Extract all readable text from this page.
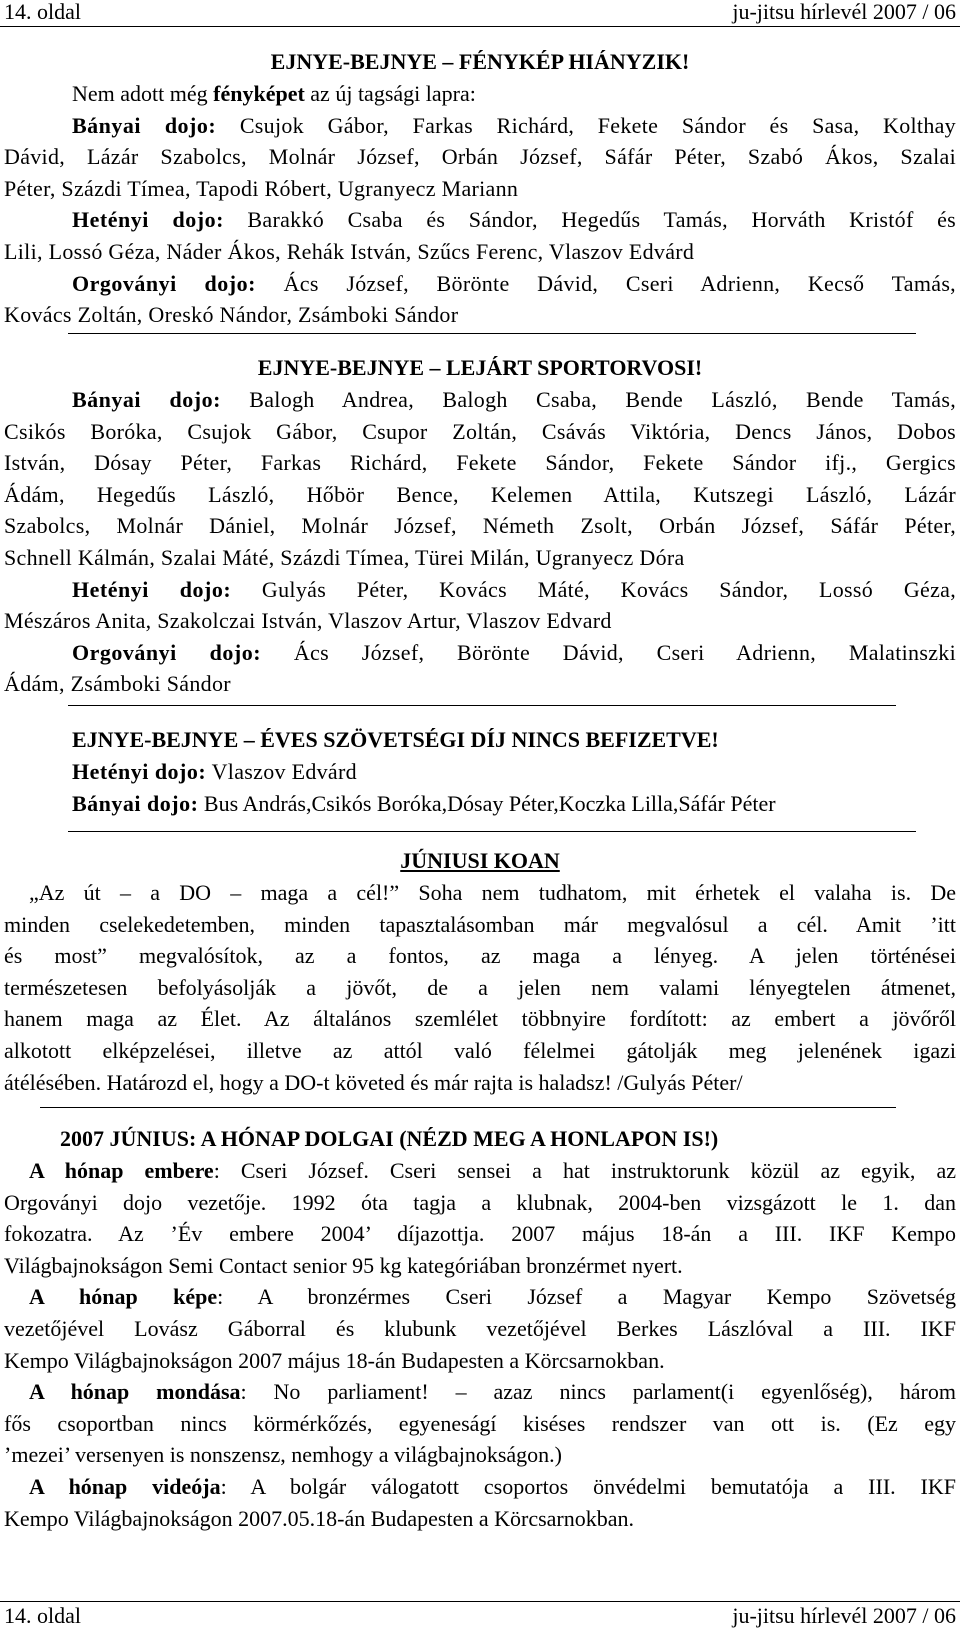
14. oldal	ju-jitsu hírlevél 2007 / 06
EJNYE-BEJNYE – FÉNYKÉP HIÁNYZIK!
Nem adott még fényképet az új tagsági lapra:
Bányai dojo: Csujok Gábor, Farkas Richárd, Fekete Sándor és Sasa, Kolthay
Dávid, Lázár Szabolcs, Molnár József, Orbán József, Sáfár Péter, Szabó Ákos, Szalai
Péter, Százdi Tímea, Tapodi Róbert, Ugranyecz Mariann
Hetényi dojo: Barakkó Csaba és Sándor, Hegedűs Tamás, Horváth Kristóf és
Lili, Lossó Géza, Náder Ákos, Rehák István, Szűcs Ferenc, Vlaszov Edvárd
Orgoványi dojo: Ács József, Börönte Dávid, Cseri Adrienn, Kecső Tamás,
Kovács Zoltán, Oreskó Nándor, Zsámboki Sándor
EJNYE-BEJNYE – LEJÁRT SPORTORVOSI!
Bányai dojo: Balogh Andrea, Balogh Csaba, Bende László, Bende Tamás,
Csikós Boróka, Csujok Gábor, Csupor Zoltán, Csávás Viktória, Dencs János, Dobos
István, Dósay Péter, Farkas Richárd, Fekete Sándor, Fekete Sándor ifj., Gergics
Ádám, Hegedűs László, Hőbör Bence, Kelemen Attila, Kutszegi László, Lázár
Szabolcs, Molnár Dániel, Molnár József, Németh Zsolt, Orbán József, Sáfár Péter,
Schnell Kálmán, Szalai Máté, Százdi Tímea, Türei Milán, Ugranyecz Dóra
Hetényi dojo: Gulyás Péter, Kovács Máté, Kovács Sándor, Lossó Géza,
Mészáros Anita, Szakolczai István, Vlaszov Artur, Vlaszov Edvard
Orgoványi dojo: Ács József, Börönte Dávid, Cseri Adrienn, Malatinszki
Ádám, Zsámboki Sándor
EJNYE-BEJNYE – ÉVES SZÖVETSÉGI DÍJ NINCS BEFIZETVE!
Hetényi dojo: Vlaszov Edvárd
Bányai dojo: Bus András,Csikós Boróka,Dósay Péter,Koczka Lilla,Sáfár Péter
JÚNIUSI KOAN
„Az út – a DO – maga a cél!” Soha nem tudhatom, mit érhetek el valaha is. De
minden cselekedetemben, minden tapasztalásomban már megvalósul a cél. Amit ’itt
és most” megvalósítok, az a fontos, az maga a lényeg. A jelen történései
természetesen befolyásolják a jövőt, de a jelen nem valami lényegtelen átmenet,
hanem maga az Élet. Az általános szemlélet többnyire fordított: az embert a jövőről
alkotott elképzelései, illetve az attól való félelmei gátolják meg jelenének igazi
átélésében. Határozd el, hogy a DO-t követed és már rajta is haladsz! /Gulyás Péter/
2007 JÚNIUS: A HÓNAP DOLGAI (NÉZD MEG A HONLAPON IS!)
A hónap embere: Cseri József. Cseri sensei a hat instruktorunk közül az egyik, az
Orgoványi dojo vezetője. 1992 óta tagja a klubnak, 2004-ben vizsgázott le 1. dan
fokozatra. Az ’Év embere 2004’ díjazottja. 2007 május 18-án a III. IKF Kempo
Világbajnokságon Semi Contact senior 95 kg kategóriában bronzérmet nyert.
A hónap képe: A bronzérmes Cseri József a Magyar Kempo Szövetség
vezetőjével Lovász Gáborral és klubunk vezetőjével Berkes Lászlóval a III. IKF
Kempo Világbajnokságon 2007 május 18-án Budapesten a Körcsarnokban.
A hónap mondása: No parliament! – azaz nincs parlament(i egyenlőség), három
fős csoportban nincs körmérkőzés, egyeneságí kiséses rendszer van ott is. (Ez egy
’mezei’ versenyen is nonszensz, nemhogy a világbajnokságon.)
A hónap videója: A bolgár válogatott csoportos önvédelmi bemutatója a III. IKF
Kempo Világbajnokságon 2007.05.18-án Budapesten a Körcsarnokban.
14. oldal	ju-jitsu hírlevél 2007 / 06
